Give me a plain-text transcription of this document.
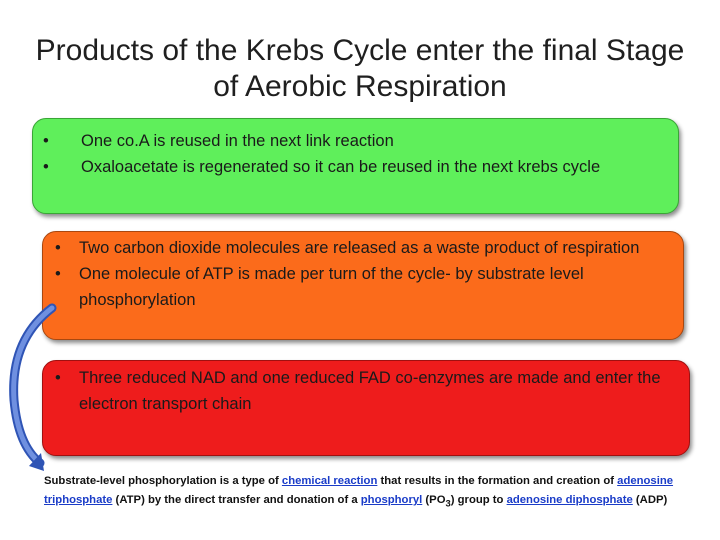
Products of the Krebs Cycle enter the final Stage of Aerobic Respiration
• One co.A is reused in the next link reaction
• Oxaloacetate is regenerated so it can be reused in the next krebs cycle
• Two carbon dioxide molecules are released as a waste product of respiration
• One molecule of ATP is made per turn of the cycle- by substrate level phosphorylation
• Three reduced NAD and one reduced FAD co-enzymes are made and enter the electron transport chain
Substrate-level phosphorylation is a type of chemical reaction that results in the formation and creation of adenosine triphosphate (ATP) by the direct transfer and donation of a phosphoryl $(PO_3)$ group to adenosine diphosphate (ADP)
